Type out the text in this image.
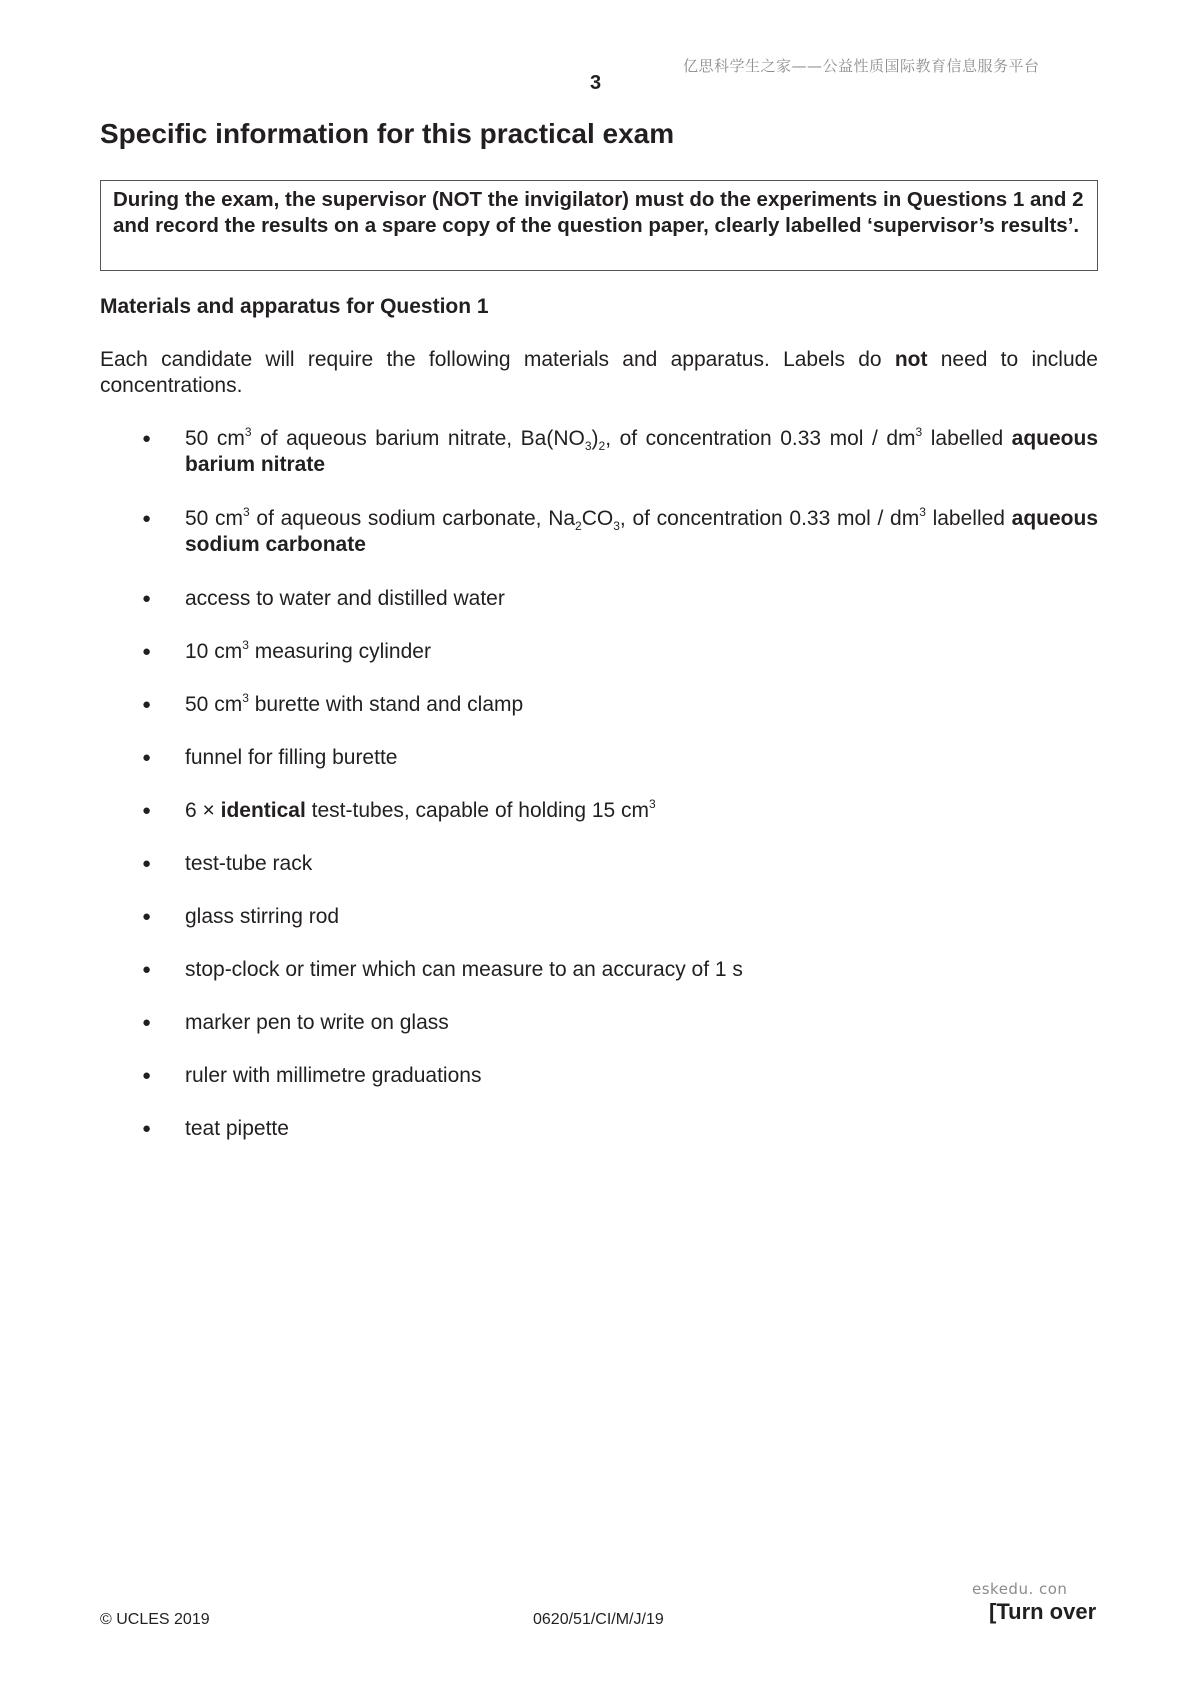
亿思科学生之家——公益性质国际教育信息服务平台
3
Specific information for this practical exam
During the exam, the supervisor (NOT the invigilator) must do the experiments in Questions 1 and 2 and record the results on a spare copy of the question paper, clearly labelled ‘supervisor’s results’.
Materials and apparatus for Question 1

Each candidate will require the following materials and apparatus. Labels do not need to include concentrations.

● 50 $cm^3$ of aqueous barium nitrate, $Ba(NO_3)_2$, of concentration 0.33 mol / $dm^3$ labelled aqueous barium nitrate
● 50 $cm^3$ of aqueous sodium carbonate, $Na_2CO_3$, of concentration 0.33 mol / $dm^3$ labelled aqueous sodium carbonate
● access to water and distilled water
● 10 $cm^3$ measuring cylinder
● 50 $cm^3$ burette with stand and clamp
● funnel for filling burette
● 6 × identical test-tubes, capable of holding 15 $cm^3$
● test-tube rack
● glass stirring rod
● stop-clock or timer which can measure to an accuracy of 1 s
● marker pen to write on glass
● ruler with millimetre graduations
● teat pipette
eskedu. con
© UCLES 2019	0620/51/CI/M/J/19	[Turn over
